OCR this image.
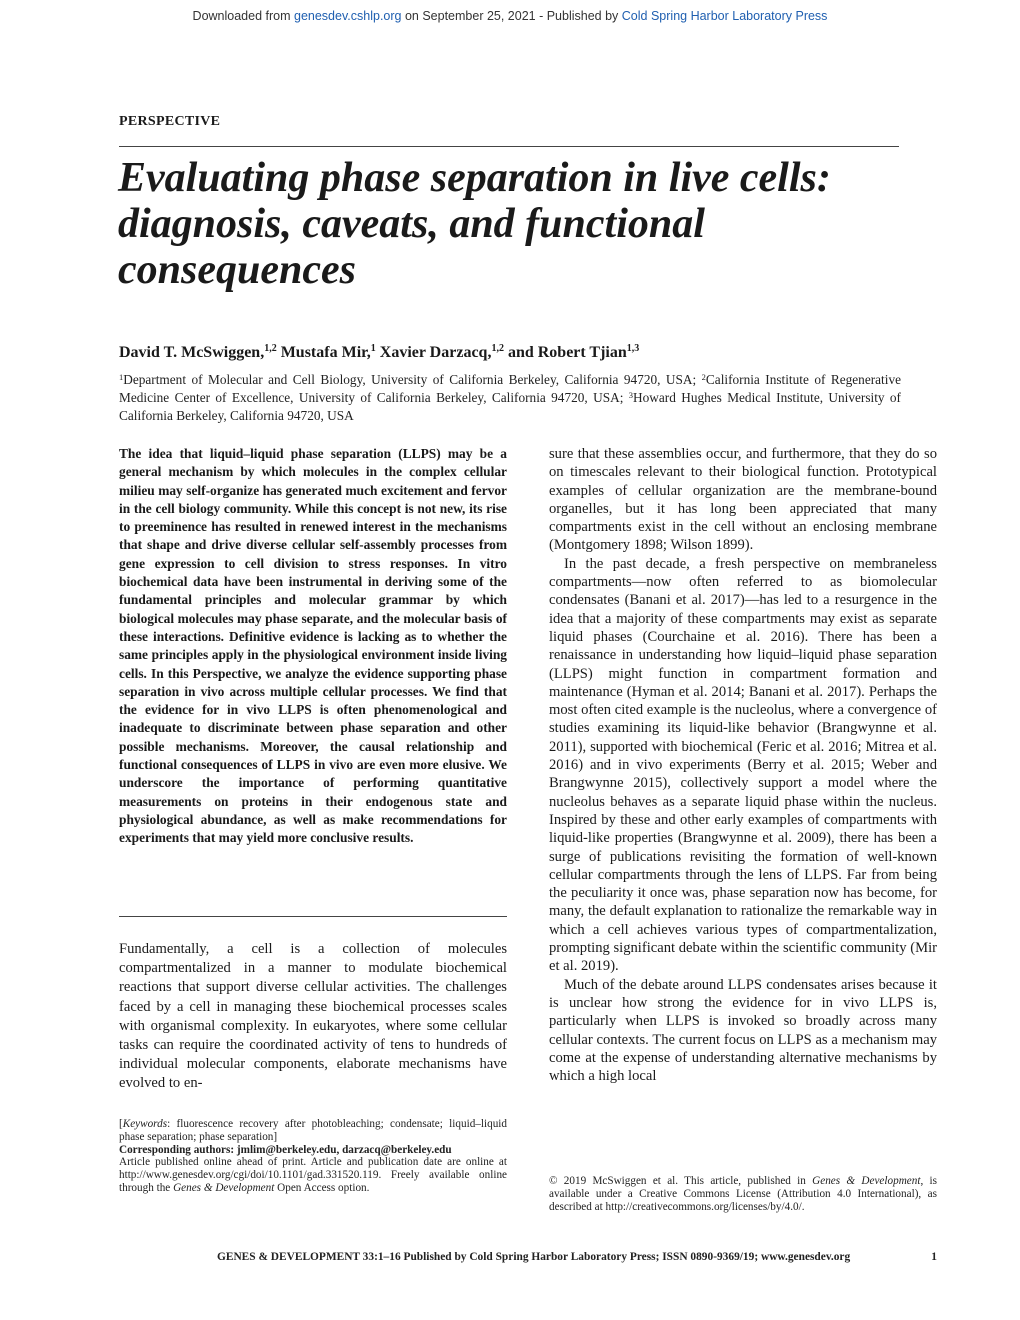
Downloaded from genesdev.cshlp.org on September 25, 2021 - Published by Cold Spring Harbor Laboratory Press
PERSPECTIVE
Evaluating phase separation in live cells: diagnosis, caveats, and functional consequences
David T. McSwiggen,$^{1,2}$ Mustafa Mir,$^1$ Xavier Darzacq,$^{1,2}$ and Robert Tjian$^{1,3}$
$^1$Department of Molecular and Cell Biology, University of California Berkeley, California 94720, USA; $^2$California Institute of Regenerative Medicine Center of Excellence, University of California Berkeley, California 94720, USA; $^3$Howard Hughes Medical Institute, University of California Berkeley, California 94720, USA

The idea that liquid–liquid phase separation (LLPS) may be a general mechanism by which molecules in the complex cellular milieu may self-organize has generated much excitement and fervor in the cell biology community. While this concept is not new, its rise to preeminence has resulted in renewed interest in the mechanisms that shape and drive diverse cellular self-assembly processes from gene expression to cell division to stress responses. In vitro biochemical data have been instrumental in deriving some of the fundamental principles and molecular grammar by which biological molecules may phase separate, and the molecular basis of these interactions. Definitive evidence is lacking as to whether the same principles apply in the physiological environment inside living cells. In this Perspective, we analyze the evidence supporting phase separation in vivo across multiple cellular processes. We find that the evidence for in vivo LLPS is often phenomenological and inadequate to discriminate between phase separation and other possible mechanisms. Moreover, the causal relationship and functional consequences of LLPS in vivo are even more elusive. We underscore the importance of performing quantitative measurements on proteins in their endogenous state and physiological abundance, as well as make recommendations for experiments that may yield more conclusive results.

Fundamentally, a cell is a collection of molecules compartmentalized in a manner to modulate biochemical reactions that support diverse cellular activities. The challenges faced by a cell in managing these biochemical processes scales with organismal complexity. In eukaryotes, where some cellular tasks can require the coordinated activity of tens to hundreds of individual molecular components, elaborate mechanisms have evolved to en-

sure that these assemblies occur, and furthermore, that they do so on timescales relevant to their biological function. Prototypical examples of cellular organization are the membrane-bound organelles, but it has long been appreciated that many compartments exist in the cell without an enclosing membrane (Montgomery 1898; Wilson 1899).

In the past decade, a fresh perspective on membraneless compartments—now often referred to as biomolecular condensates (Banani et al. 2017)—has led to a resurgence in the idea that a majority of these compartments may exist as separate liquid phases (Courchaine et al. 2016). There has been a renaissance in understanding how liquid–liquid phase separation (LLPS) might function in compartment formation and maintenance (Hyman et al. 2014; Banani et al. 2017). Perhaps the most often cited example is the nucleolus, where a convergence of studies examining its liquid-like behavior (Brangwynne et al. 2011), supported with biochemical (Feric et al. 2016; Mitrea et al. 2016) and in vivo experiments (Berry et al. 2015; Weber and Brangwynne 2015), collectively support a model where the nucleolus behaves as a separate liquid phase within the nucleus. Inspired by these and other early examples of compartments with liquid-like properties (Brangwynne et al. 2009), there has been a surge of publications revisiting the formation of well-known cellular compartments through the lens of LLPS. Far from being the peculiarity it once was, phase separation now has become, for many, the default explanation to rationalize the remarkable way in which a cell achieves various types of compartmentalization, prompting significant debate within the scientific community (Mir et al. 2019).

Much of the debate around LLPS condensates arises because it is unclear how strong the evidence for in vivo LLPS is, particularly when LLPS is invoked so broadly across many cellular contexts. The current focus on LLPS as a mechanism may come at the expense of understanding alternative mechanisms by which a high local

[Keywords: fluorescence recovery after photobleaching; condensate; liquid–liquid phase separation; phase separation]
Corresponding authors: jmlim@berkeley.edu, darzacq@berkeley.edu
Article published online ahead of print. Article and publication date are online at http://www.genesdev.org/cgi/doi/10.1101/gad.331520.119. Freely available online through the Genes & Development Open Access option.
© 2019 McSwiggen et al. This article, published in Genes & Development, is available under a Creative Commons License (Attribution 4.0 International), as described at http://creativecommons.org/licenses/by/4.0/.
GENES & DEVELOPMENT 33:1–16 Published by Cold Spring Harbor Laboratory Press; ISSN 0890-9369/19; www.genesdev.org	1
